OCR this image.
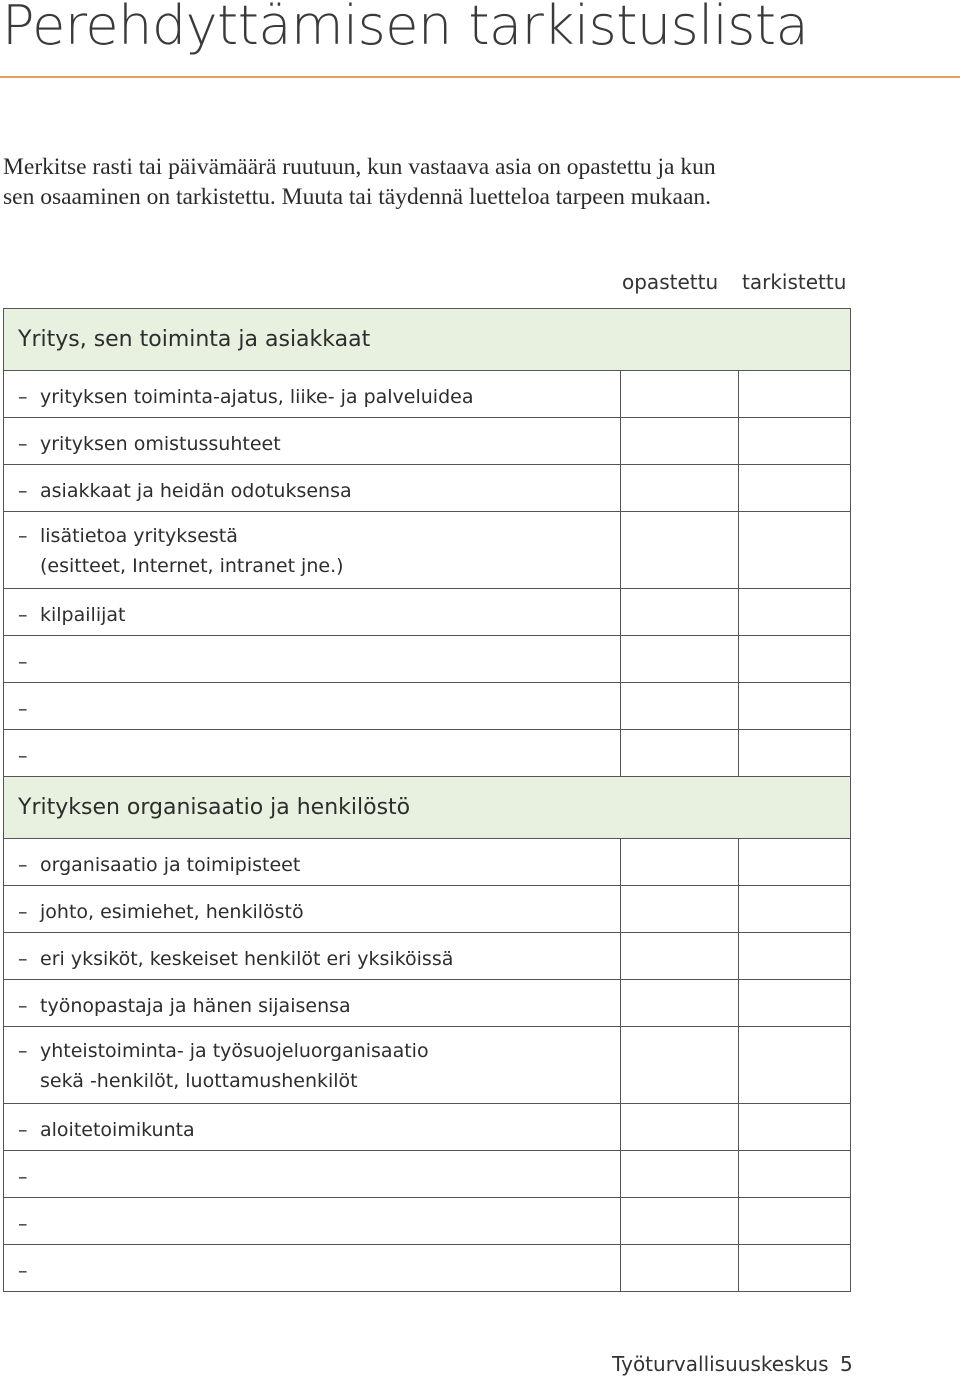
Perehdyttämisen tarkistuslista
Merkitse rasti tai päivämäärä ruutuun, kun vastaava asia on opastettu ja kun
sen osaaminen on tarkistettu. Muuta tai täydennä luetteloa tarpeen mukaan.
opastettu tarkistettu
Yritys, sen toiminta ja asiakkaat
– yrityksen toiminta-ajatus, liike- ja palveluidea
– yrityksen omistussuhteet
– asiakkaat ja heidän odotuksensa
– lisätietoa yrityksestä
(esitteet, Internet, intranet jne.)
– kilpailijat
–
–
–
Yrityksen organisaatio ja henkilöstö
– organisaatio ja toimipisteet
– johto, esimiehet, henkilöstö
– eri yksiköt, keskeiset henkilöt eri yksiköissä
– työnopastaja ja hänen sijaisensa
– yhteistoiminta- ja työsuojeluorganisaatio
sekä -henkilöt, luottamushenkilöt
– aloitetoimikunta
–
–
–
Työturvallisuuskeskus 5
